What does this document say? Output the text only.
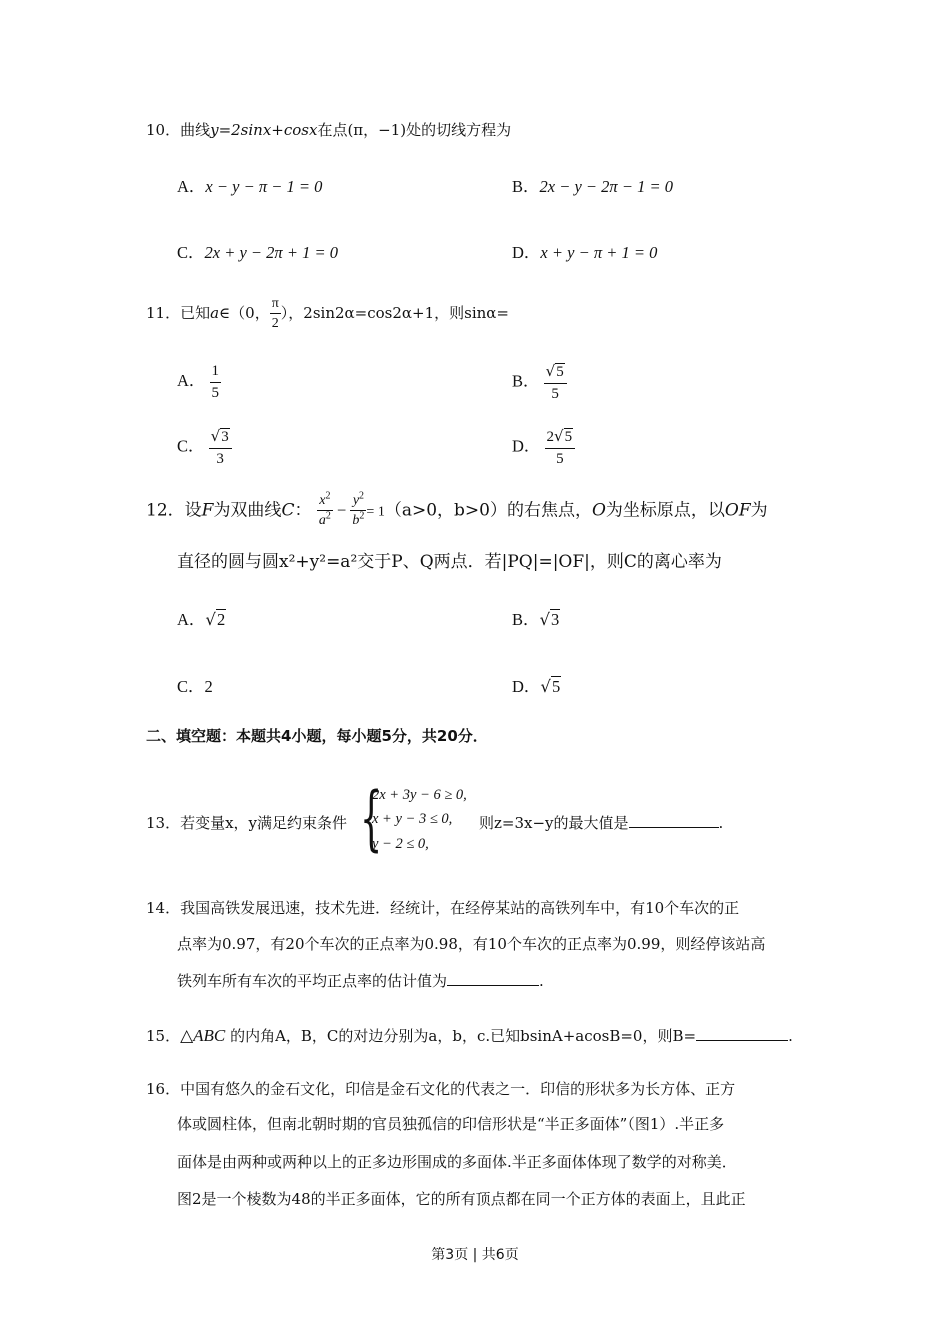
10．曲线y=2sinx+cosx在点(π，−1)处的切线方程为
A．x − y − π − 1 = 0	B．2x − y − 2π − 1 = 0
C．2x + y − 2π + 1 = 0	D．x + y − π + 1 = 0
11．已知a∈（0， $\frac{\pi}{2}$ ），2sin2α=cos2α+1，则sinα=
A． $\frac{1}{5}$	B． $\frac{√5}{5}$
C． $\frac{√3}{3}$	D． $\frac{2√5}{5}$
12．设F为双曲线C： $\frac{x^2}{a^2} - \frac{y^2}{b^2} = 1(a>0$，b>0）的右焦点，O为坐标原点，以OF为
直径的圆与圆x²+y²=a²交于P、Q两点．若|PQ|=|OF|，则C的离心率为
A．√2	B．√3
C．2	D．√5
二、填空题：本题共4小题，每小题5分，共20分．
13．若变量x，y满足约束条件 {
2x + 3y − 6 ≥ 0,
x + y − 3 ≤ 0,
y − 2 ≤ 0,
则z=3x−y的最大值是	.
14．我国高铁发展迅速，技术先进．经统计，在经停某站的高铁列车中，有10个车次的正
点率为0.97，有20个车次的正点率为0.98，有10个车次的正点率为0.99，则经停该站高
铁列车所有车次的平均正点率的估计值为	.
15．△ABC 的内角A，B，C的对边分别为a，b，c.已知bsinA+acosB=0，则B=	.
16．中国有悠久的金石文化，印信是金石文化的代表之一．印信的形状多为长方体、正方
体或圆柱体，但南北朝时期的官员独孤信的印信形状是“半正多面体”（图1）.半正多
面体是由两种或两种以上的正多边形围成的多面体.半正多面体体现了数学的对称美．
图2是一个棱数为48的半正多面体，它的所有顶点都在同一个正方体的表面上，且此正
第3页 | 共6页
